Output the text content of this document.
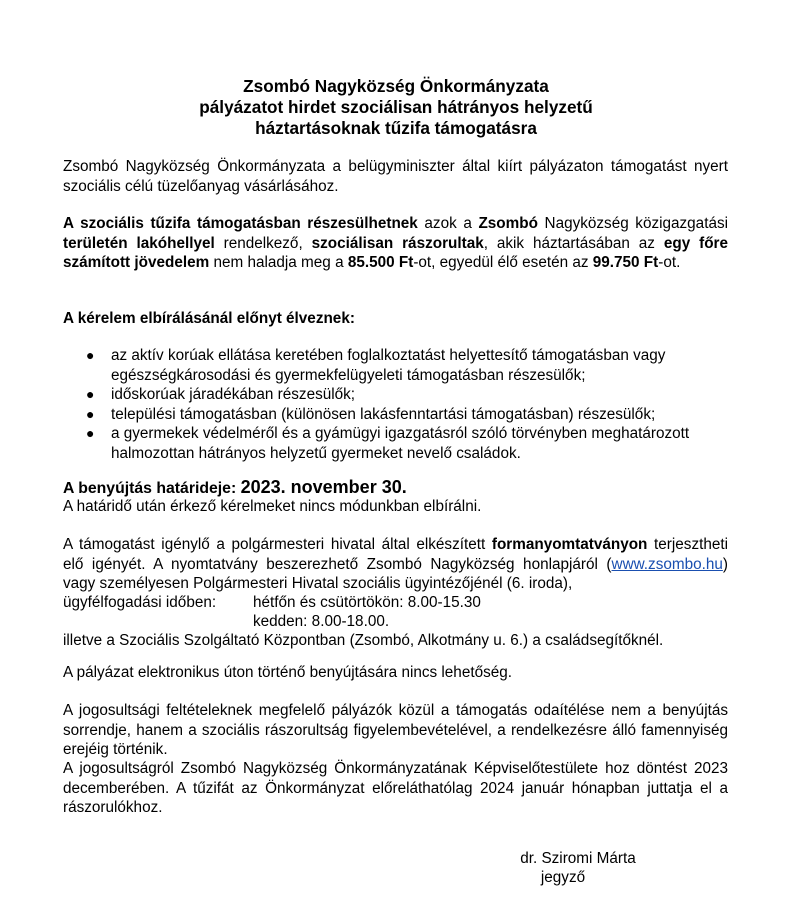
Zsombó Nagyközség Önkormányzata
pályázatot hirdet szociálisan hátrányos helyzetű
háztartásoknak tűzifa támogatásra
Zsombó Nagyközség Önkormányzata a belügyminiszter által kiírt pályázaton támogatást nyert szociális célú tüzelőanyag vásárlásához.
A szociális tűzifa támogatásban részesülhetnek azok a Zsombó Nagyközség közigazgatási területén lakóhellyel rendelkező, szociálisan rászorultak, akik háztartásában az egy főre számított jövedelem nem haladja meg a 85.500 Ft-ot, egyedül élő esetén az 99.750 Ft-ot.
A kérelem elbírálásánál előnyt élveznek:
● az aktív korúak ellátása keretében foglalkoztatást helyettesítő támogatásban vagy egészségkárosodási és gyermekfelügyeleti támogatásban részesülők;
● időskorúak járadékában részesülők;
● települési támogatásban (különösen lakásfenntartási támogatásban) részesülők;
● a gyermekek védelméről és a gyámügyi igazgatásról szóló törvényben meghatározott halmozottan hátrányos helyzetű gyermeket nevelő családok.
A benyújtás határideje: 2023. november 30.
A határidő után érkező kérelmeket nincs módunkban elbírálni.
A támogatást igénylő a polgármesteri hivatal által elkészített formanyomtatványon terjesztheti elő igényét. A nyomtatvány beszerezhető Zsombó Nagyközség honlapjáról (www.zsombo.hu) vagy személyesen Polgármesteri Hivatal szociális ügyintézőjénél (6. iroda),
ügyfélfogadási időben: hétfőn és csütörtökön: 8.00-15.30
kedden: 8.00-18.00.
illetve a Szociális Szolgáltató Központban (Zsombó, Alkotmány u. 6.) a családsegítőknél.
A pályázat elektronikus úton történő benyújtására nincs lehetőség.
A jogosultsági feltételeknek megfelelő pályázók közül a támogatás odaítélése nem a benyújtás sorrendje, hanem a szociális rászorultság figyelembevételével, a rendelkezésre álló famennyiség erejéig történik.
A jogosultságról Zsombó Nagyközség Önkormányzatának Képviselőtestülete hoz döntést 2023 decemberében. A tűzifát az Önkormányzat előreláthatólag 2024 január hónapban juttatja el a rászorulókhoz.
dr. Sziromi Márta
jegyző
